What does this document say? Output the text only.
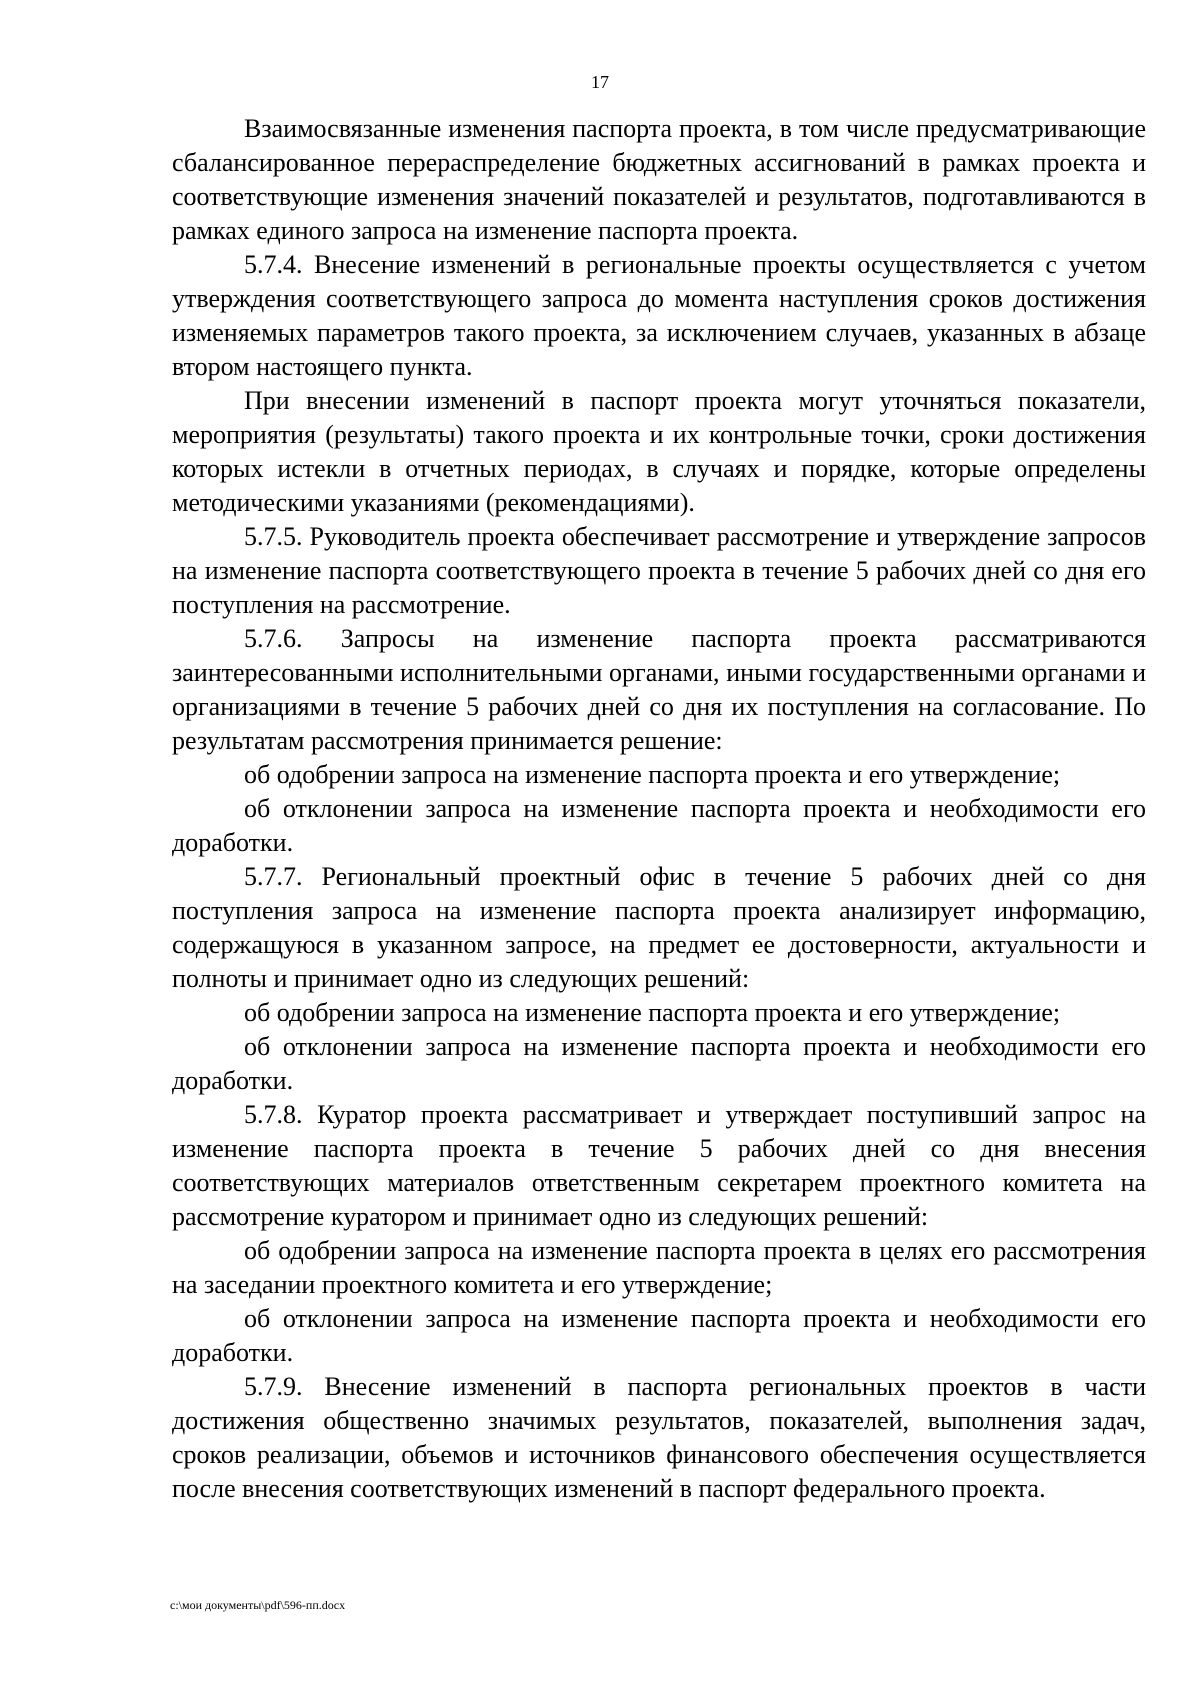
17

Взаимосвязанные изменения паспорта проекта, в том числе предусматривающие сбалансированное перераспределение бюджетных ассигнований в рамках проекта и соответствующие изменения значений показателей и результатов, подготавливаются в рамках единого запроса на изменение паспорта проекта.

5.7.4. Внесение изменений в региональные проекты осуществляется с учетом утверждения соответствующего запроса до момента наступления сроков достижения изменяемых параметров такого проекта, за исключением случаев, указанных в абзаце втором настоящего пункта.

При внесении изменений в паспорт проекта могут уточняться показатели, мероприятия (результаты) такого проекта и их контрольные точки, сроки достижения которых истекли в отчетных периодах, в случаях и порядке, которые определены методическими указаниями (рекомендациями).

5.7.5. Руководитель проекта обеспечивает рассмотрение и утверждение запросов на изменение паспорта соответствующего проекта в течение 5 рабочих дней со дня его поступления на рассмотрение.

5.7.6. Запросы на изменение паспорта проекта рассматриваются заинтересованными исполнительными органами, иными государственными органами и организациями в течение 5 рабочих дней со дня их поступления на согласование. По результатам рассмотрения принимается решение:

об одобрении запроса на изменение паспорта проекта и его утверждение;

об отклонении запроса на изменение паспорта проекта и необходимости его доработки.

5.7.7. Региональный проектный офис в течение 5 рабочих дней со дня поступления запроса на изменение паспорта проекта анализирует информацию, содержащуюся в указанном запросе, на предмет ее достоверности, актуальности и полноты и принимает одно из следующих решений:

об одобрении запроса на изменение паспорта проекта и его утверждение;

об отклонении запроса на изменение паспорта проекта и необходимости его доработки.

5.7.8. Куратор проекта рассматривает и утверждает поступивший запрос на изменение паспорта проекта в течение 5 рабочих дней со дня внесения соответствующих материалов ответственным секретарем проектного комитета на рассмотрение куратором и принимает одно из следующих решений:

об одобрении запроса на изменение паспорта проекта в целях его рассмотрения на заседании проектного комитета и его утверждение;

об отклонении запроса на изменение паспорта проекта и необходимости его доработки.

5.7.9. Внесение изменений в паспорта региональных проектов в части достижения общественно значимых результатов, показателей, выполнения задач, сроков реализации, объемов и источников финансового обеспечения осуществляется после внесения соответствующих изменений в паспорт федерального проекта.

c:\мои документы\pdf\596-пп.docx
